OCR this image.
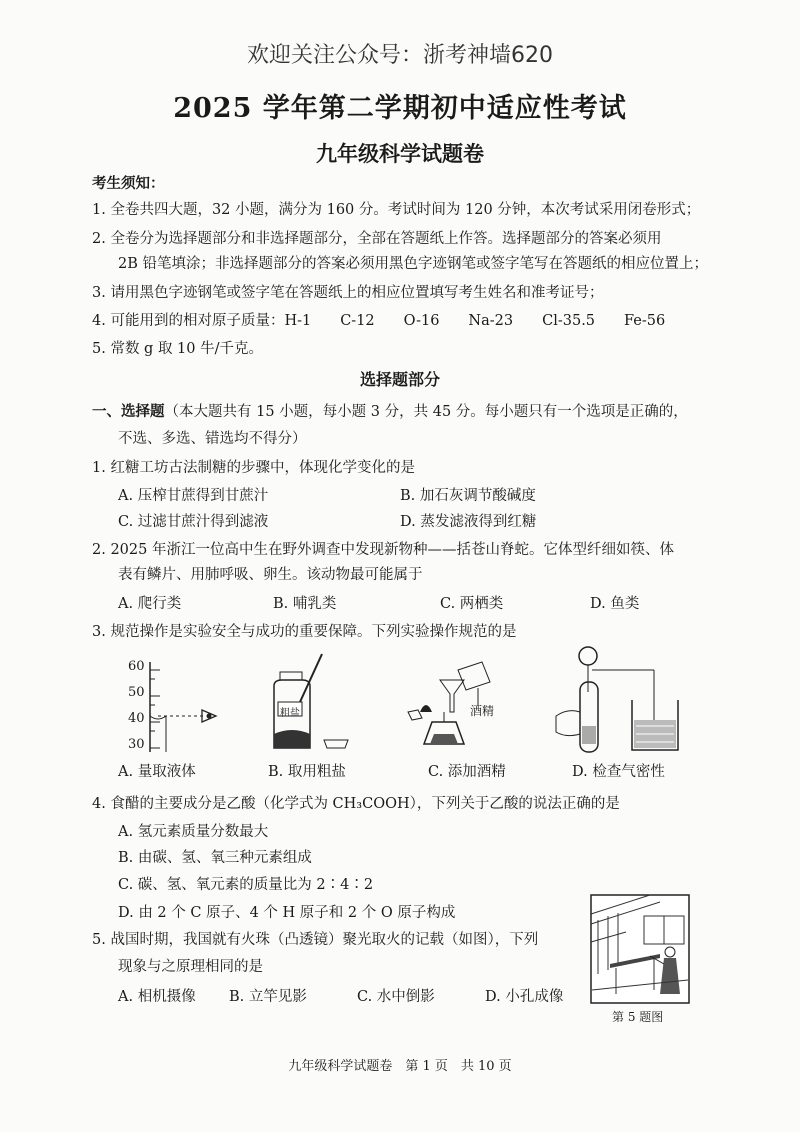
欢迎关注公众号：浙考神墙620
2025 学年第二学期初中适应性考试
九年级科学试题卷
考生须知：
1. 全卷共四大题，32 小题，满分为 160 分。考试时间为 120 分钟，本次考试采用闭卷形式；
2. 全卷分为选择题部分和非选择题部分，全部在答题纸上作答。选择题部分的答案必须用
2B 铅笔填涂；非选择题部分的答案必须用黑色字迹钢笔或签字笔写在答题纸的相应位置上；
3. 请用黑色字迹钢笔或签字笔在答题纸上的相应位置填写考生姓名和准考证号；
4. 可能用到的相对原子质量：H-1　　C-12　　O-16　　Na-23　　Cl-35.5　　Fe-56
5. 常数 g 取 10 牛/千克。
选择题部分
一、选择题（本大题共有 15 小题，每小题 3 分，共 45 分。每小题只有一个选项是正确的，
不选、多选、错选均不得分）
1. 红糖工坊古法制糖的步骤中，体现化学变化的是
A. 压榨甘蔗得到甘蔗汁	B. 加石灰调节酸碱度
C. 过滤甘蔗汁得到滤液	D. 蒸发滤液得到红糖
2. 2025 年浙江一位高中生在野外调查中发现新物种——括苍山脊蛇。它体型纤细如筷、体
表有鳞片、用肺呼吸、卵生。该动物最可能属于
A. 爬行类	B. 哺乳类	C. 两栖类	D. 鱼类
3. 规范操作是实验安全与成功的重要保障。下列实验操作规范的是
60
50
40
30
粗盐	酒精
A. 量取液体	B. 取用粗盐	C. 添加酒精	D. 检查气密性
4. 食醋的主要成分是乙酸（化学式为 CH₃COOH），下列关于乙酸的说法正确的是
A. 氢元素质量分数最大
B. 由碳、氢、氧三种元素组成
C. 碳、氢、氧元素的质量比为 2∶4∶2
D. 由 2 个 C 原子、4 个 H 原子和 2 个 O 原子构成
5. 战国时期，我国就有火珠（凸透镜）聚光取火的记载（如图），下列
现象与之原理相同的是
A. 相机摄像 B. 立竿见影	C. 水中倒影	D. 小孔成像
第 5 题图
九年级科学试题卷　第 1 页　共 10 页
